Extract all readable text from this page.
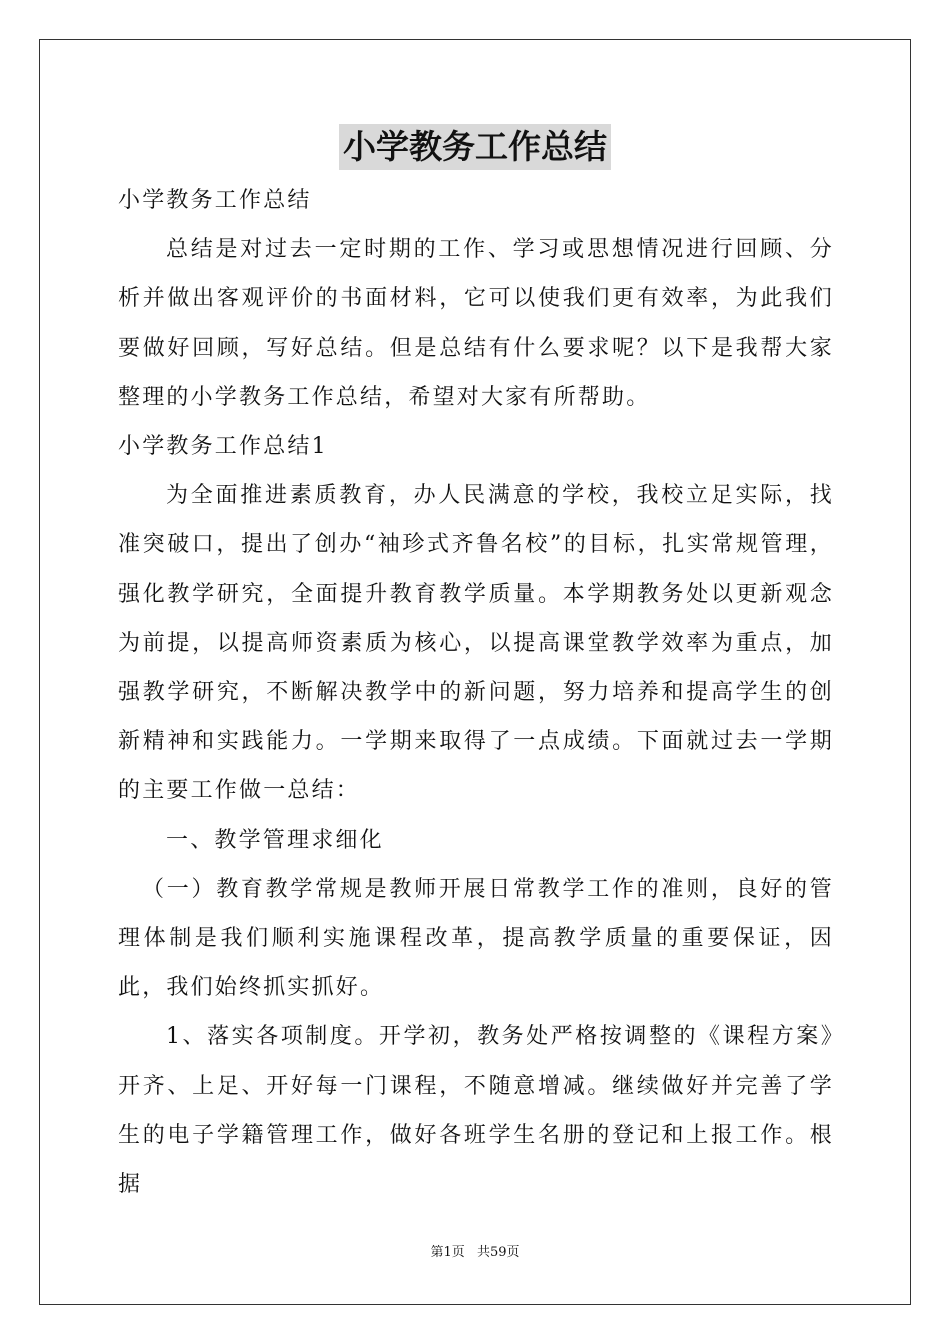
小学教务工作总结

小学教务工作总结

总结是对过去一定时期的工作、学习或思想情况进行回顾、分析并做出客观评价的书面材料，它可以使我们更有效率，为此我们要做好回顾，写好总结。但是总结有什么要求呢？以下是我帮大家整理的小学教务工作总结，希望对大家有所帮助。

小学教务工作总结1

为全面推进素质教育，办人民满意的学校，我校立足实际，找准突破口，提出了创办“袖珍式齐鲁名校”的目标，扎实常规管理，强化教学研究，全面提升教育教学质量。本学期教务处以更新观念为前提，以提高师资素质为核心，以提高课堂教学效率为重点，加强教学研究，不断解决教学中的新问题，努力培养和提高学生的创新精神和实践能力。一学期来取得了一点成绩。下面就过去一学期的主要工作做一总结：

一、教学管理求细化

（一）教育教学常规是教师开展日常教学工作的准则，良好的管理体制是我们顺利实施课程改革，提高教学质量的重要保证，因此，我们始终抓实抓好。

1、落实各项制度。开学初，教务处严格按调整的《课程方案》开齐、上足、开好每一门课程，不随意增减。继续做好并完善了学生的电子学籍管理工作，做好各班学生名册的登记和上报工作。根据

第1页 共59页
